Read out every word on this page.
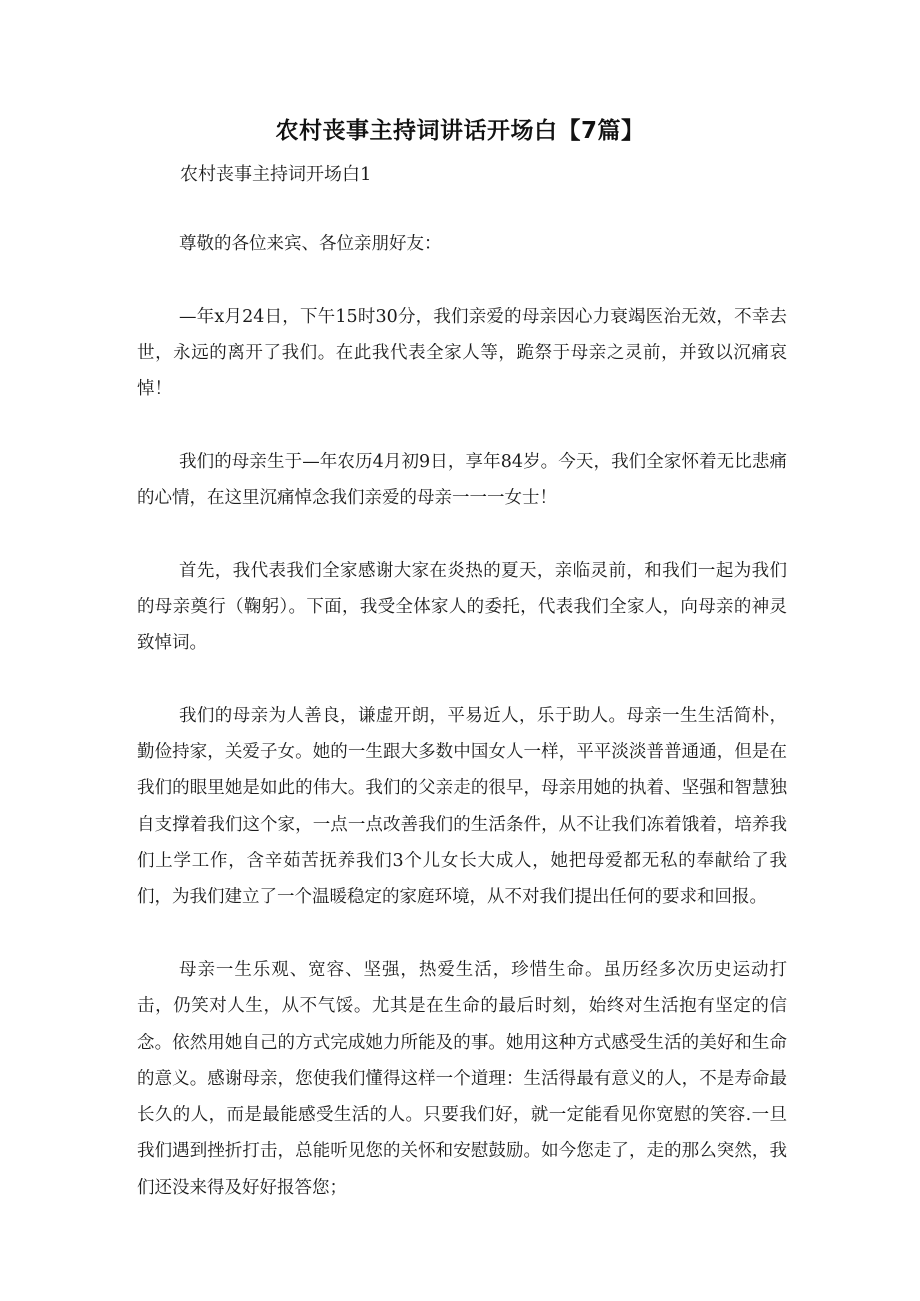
农村丧事主持词讲话开场白【7篇】
农村丧事主持词开场白1

尊敬的各位来宾、各位亲朋好友：

—年x月24日，下午15时30分，我们亲爱的母亲因心力衰竭医治无效，不幸去世，永远的离开了我们。在此我代表全家人等，跪祭于母亲之灵前，并致以沉痛哀悼！

我们的母亲生于—年农历4月初9日，享年84岁。今天，我们全家怀着无比悲痛的心情，在这里沉痛悼念我们亲爱的母亲一一一女士！

首先，我代表我们全家感谢大家在炎热的夏天，亲临灵前，和我们一起为我们的母亲奠行（鞠躬）。下面，我受全体家人的委托，代表我们全家人，向母亲的神灵致悼词。

我们的母亲为人善良，谦虚开朗，平易近人，乐于助人。母亲一生生活简朴，勤俭持家，关爱子女。她的一生跟大多数中国女人一样，平平淡淡普普通通，但是在我们的眼里她是如此的伟大。我们的父亲走的很早，母亲用她的执着、坚强和智慧独自支撑着我们这个家，一点一点改善我们的生活条件，从不让我们冻着饿着，培养我们上学工作，含辛茹苦抚养我们3个儿女长大成人，她把母爱都无私的奉献给了我们，为我们建立了一个温暖稳定的家庭环境，从不对我们提出任何的要求和回报。

母亲一生乐观、宽容、坚强，热爱生活，珍惜生命。虽历经多次历史运动打击，仍笑对人生，从不气馁。尤其是在生命的最后时刻，始终对生活抱有坚定的信念。依然用她自己的方式完成她力所能及的事。她用这种方式感受生活的美好和生命的意义。感谢母亲，您使我们懂得这样一个道理：生活得最有意义的人，不是寿命最长久的人，而是最能感受生活的人。只要我们好，就一定能看见你宽慰的笑容.一旦我们遇到挫折打击，总能听见您的关怀和安慰鼓励。如今您走了，走的那么突然，我们还没来得及好好报答您；
